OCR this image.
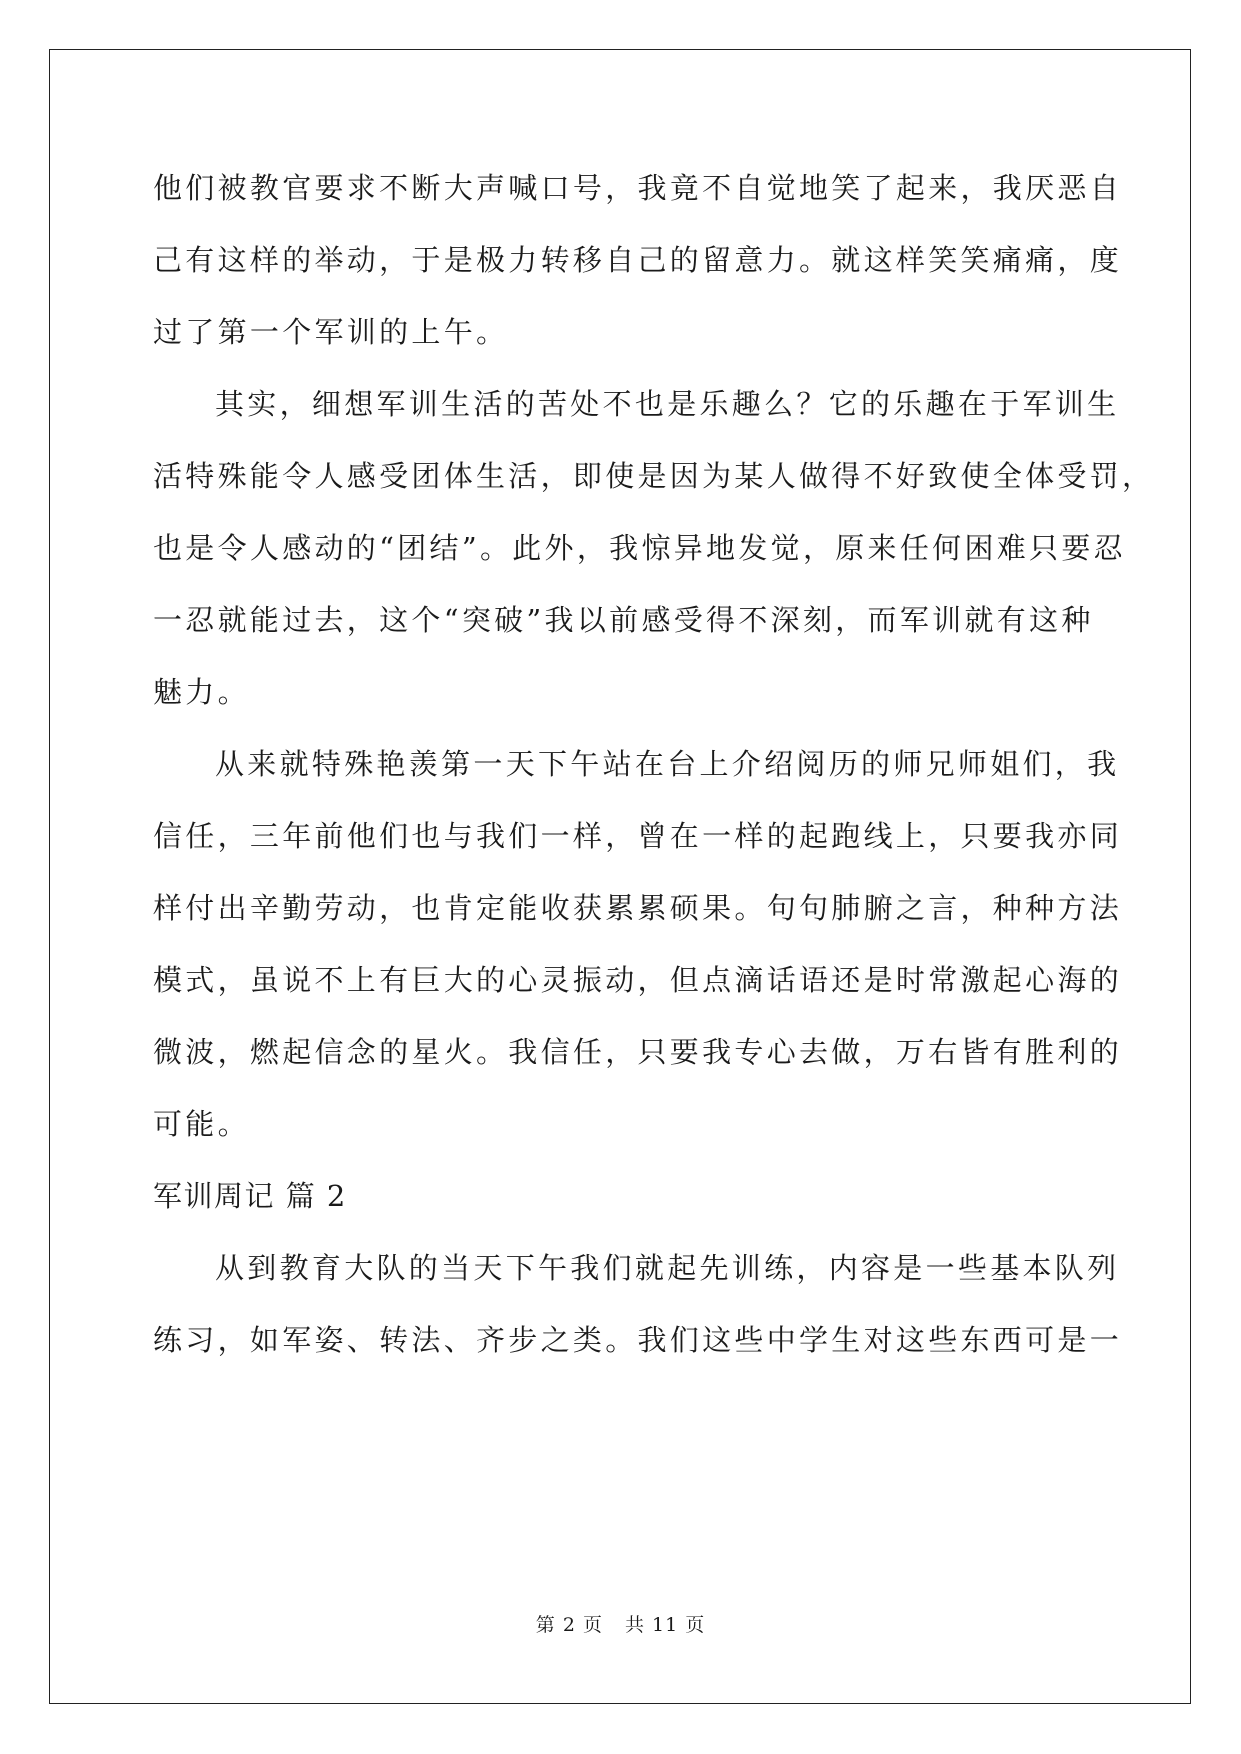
他们被教官要求不断大声喊口号，我竟不自觉地笑了起来，我厌恶自

己有这样的举动，于是极力转移自己的留意力。就这样笑笑痛痛，度

过了第一个军训的上午。

其实，细想军训生活的苦处不也是乐趣么？它的乐趣在于军训生

活特殊能令人感受团体生活，即使是因为某人做得不好致使全体受罚，

也是令人感动的“团结”。此外，我惊异地发觉，原来任何困难只要忍

一忍就能过去，这个“突破”我以前感受得不深刻，而军训就有这种

魅力。

从来就特殊艳羡第一天下午站在台上介绍阅历的师兄师姐们，我

信任，三年前他们也与我们一样，曾在一样的起跑线上，只要我亦同

样付出辛勤劳动，也肯定能收获累累硕果。句句肺腑之言，种种方法

模式，虽说不上有巨大的心灵振动，但点滴话语还是时常激起心海的

微波，燃起信念的星火。我信任，只要我专心去做，万右皆有胜利的

可能。

军训周记 篇 2

从到教育大队的当天下午我们就起先训练，内容是一些基本队列

练习，如军姿、转法、齐步之类。我们这些中学生对这些东西可是一

第 2 页 共 11 页
